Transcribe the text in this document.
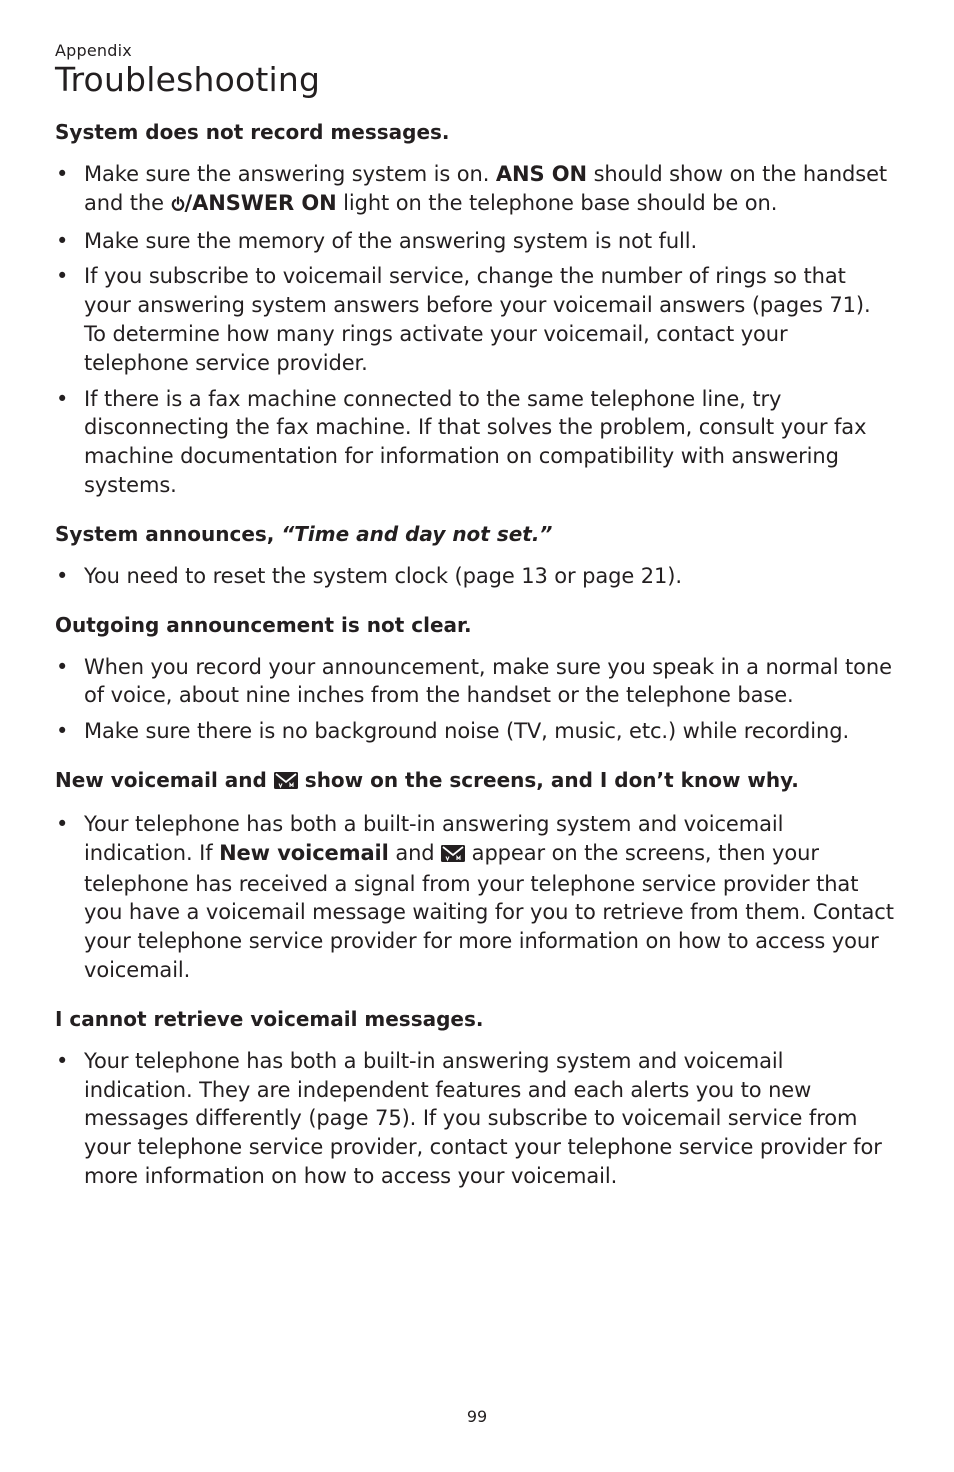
Appendix
Troubleshooting
System does not record messages.
• Make sure the answering system is on. ANS ON should show on the handset and the /ANSWER ON light on the telephone base should be on.
• Make sure the memory of the answering system is not full.
• If you subscribe to voicemail service, change the number of rings so that your answering system answers before your voicemail answers (pages 71). To determine how many rings activate your voicemail, contact your telephone service provider.
• If there is a fax machine connected to the same telephone line, try disconnecting the fax machine. If that solves the problem, consult your fax machine documentation for information on compatibility with answering systems.
System announces, “Time and day not set.”
• You need to reset the system clock (page 13 or page 21).
Outgoing announcement is not clear.
• When you record your announcement, make sure you speak in a normal tone of voice, about nine inches from the handset or the telephone base.
• Make sure there is no background noise (TV, music, etc.) while recording.
New voicemail and  show on the screens, and I don’t know why.
• Your telephone has both a built-in answering system and voicemail indication. If New voicemail and  appear on the screens, then your telephone has received a signal from your telephone service provider that you have a voicemail message waiting for you to retrieve from them. Contact your telephone service provider for more information on how to access your voicemail.
I cannot retrieve voicemail messages.
• Your telephone has both a built-in answering system and voicemail indication. They are independent features and each alerts you to new messages differently (page 75). If you subscribe to voicemail service from your telephone service provider, contact your telephone service provider for more information on how to access your voicemail.
99
